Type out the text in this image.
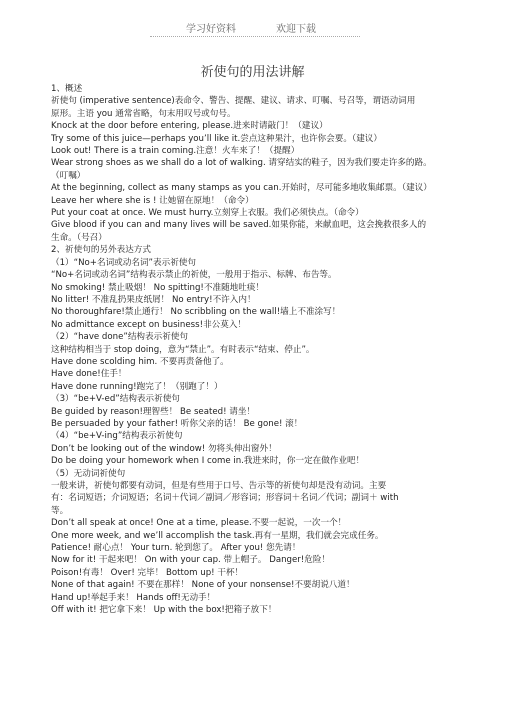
学习好资料	欢迎下载
祈使句的用法讲解

1、概述

祈使句 (imperative sentence)表命令、警告、提醒、建议、请求、叮嘱、号召等，谓语动词用

原形。主语 you 通常省略，句末用叹号或句号。

Knock at the door before entering, please.进来时请敲门！（建议）

Try some of this juice—perhaps you’ll like it.尝点这种果汁，也许你会要。（建议）

Look out! There is a train coming.注意！火车来了！（提醒）

Wear strong shoes as we shall do a lot of walking. 请穿结实的鞋子，因为我们要走许多的路。

（叮嘱）

At the beginning, collect as many stamps as you can.开始时，尽可能多地收集邮票。（建议）

Leave her where she is ! 让她留在原地！（命令）

Put your coat at once. We must hurry.立刻穿上衣服。我们必须快点。（命令）

Give blood if you can and many lives will be saved.如果你能，来献血吧，这会挽救很多人的

生命。（号召）

2、祈使句的另外表达方式

（1）“No+名词或动名词”表示祈使句

“No+名词或动名词”结构表示禁止的祈使，一般用于指示、标牌、布告等。

No smoking! 禁止吸烟！ No spitting!不准随地吐痰！

No litter! 不准乱扔果皮纸屑！ No entry!不许入内！

No thoroughfare!禁止通行！ No scribbling on the wall!墙上不准涂写！

No admittance except on business!非公莫入！

（2）“have done”结构表示祈使句

这种结构相当于 stop doing，意为“禁止”。有时表示“结束、停止”。

Have done scolding him. 不要再责备他了。

Have done!住手！

Have done running!跑完了！（别跑了！）

（3）“be+V-ed”结构表示祈使句

Be guided by reason!理智些！ Be seated! 请坐！

Be persuaded by your father! 听你父亲的话！ Be gone! 滚！

（4）“be+V-ing”结构表示祈使句

Don’t be looking out of the window! 勿将头伸出窗外！

Do be doing your homework when I come in.我进来时，你一定在做作业吧！

（5）无动词祈使句

一般来讲，祈使句都要有动词，但是有些用于口号、告示等的祈使句却是没有动词。主要

有：名词短语；介词短语；名词＋代词／副词／形容词；形容词＋名词／代词；副词＋ with

等。

Don’t all speak at once! One at a time, please.不要一起说，一次一个！

One more week, and we’ll accomplish the task.再有一星期，我们就会完成任务。

Patience! 耐心点！ Your turn. 轮到您了。 After you! 您先请！

Now for it! 干起来吧！ On with your cap. 带上帽子。 Danger!危险！

Poison!有毒！ Over! 完毕！ Bottom up! 干杯！

None of that again! 不要在那样！ None of your nonsense!不要胡说八道！

Hand up!举起手来！ Hands off!无动手！

Off with it! 把它拿下来！ Up with the box!把箱子放下！
